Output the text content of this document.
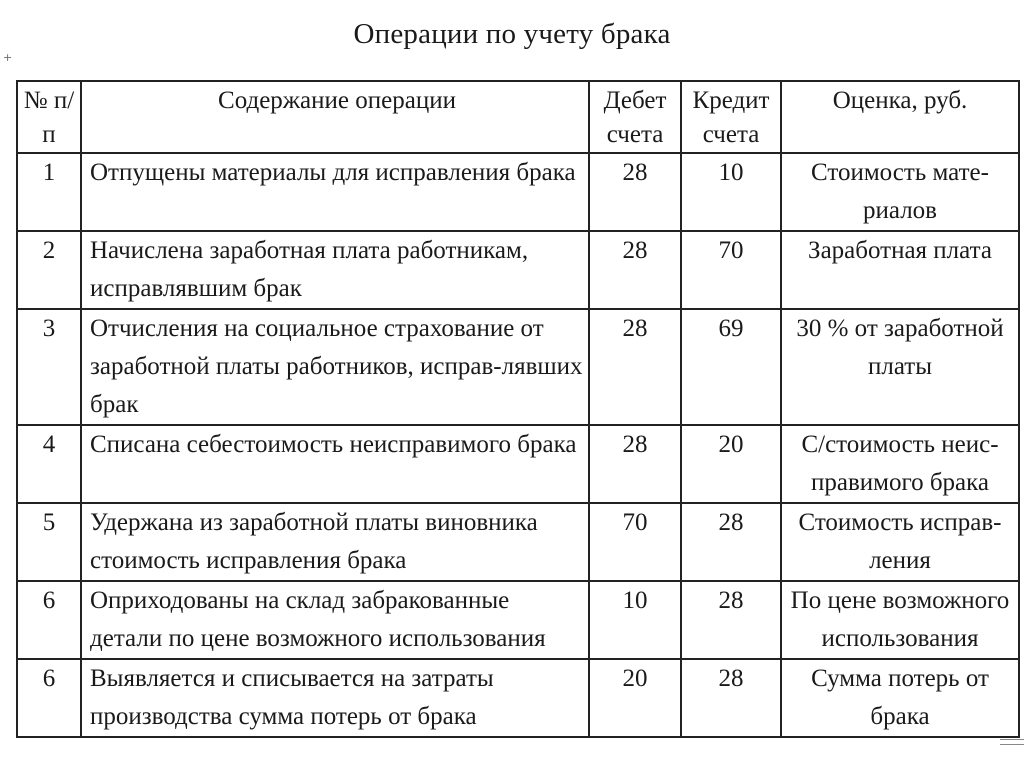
Операции по учету брака
+
№ п/п	Содержание операции	Дебет счета	Кредит счета	Оценка, руб.
1	Отпущены материалы для исправления брака	28	10	Стоимость мате-риалов
2	Начислена заработная плата работникам, исправлявшим брак	28	70	Заработная плата
3	Отчисления на социальное страхование от заработной платы работников, исправ-лявших брак	28	69	30 % от заработной платы
4	Списана себестоимость неисправимого брака	28	20	С/стоимость неис-правимого брака
5	Удержана из заработной платы виновника стоимость исправления брака	70	28	Стоимость исправ-ления
6	Оприходованы на склад забракованные детали по цене возможного использования	10	28	По цене возможного использования
6	Выявляется и списывается на затраты производства сумма потерь от брака	20	28	Сумма потерь от брака
